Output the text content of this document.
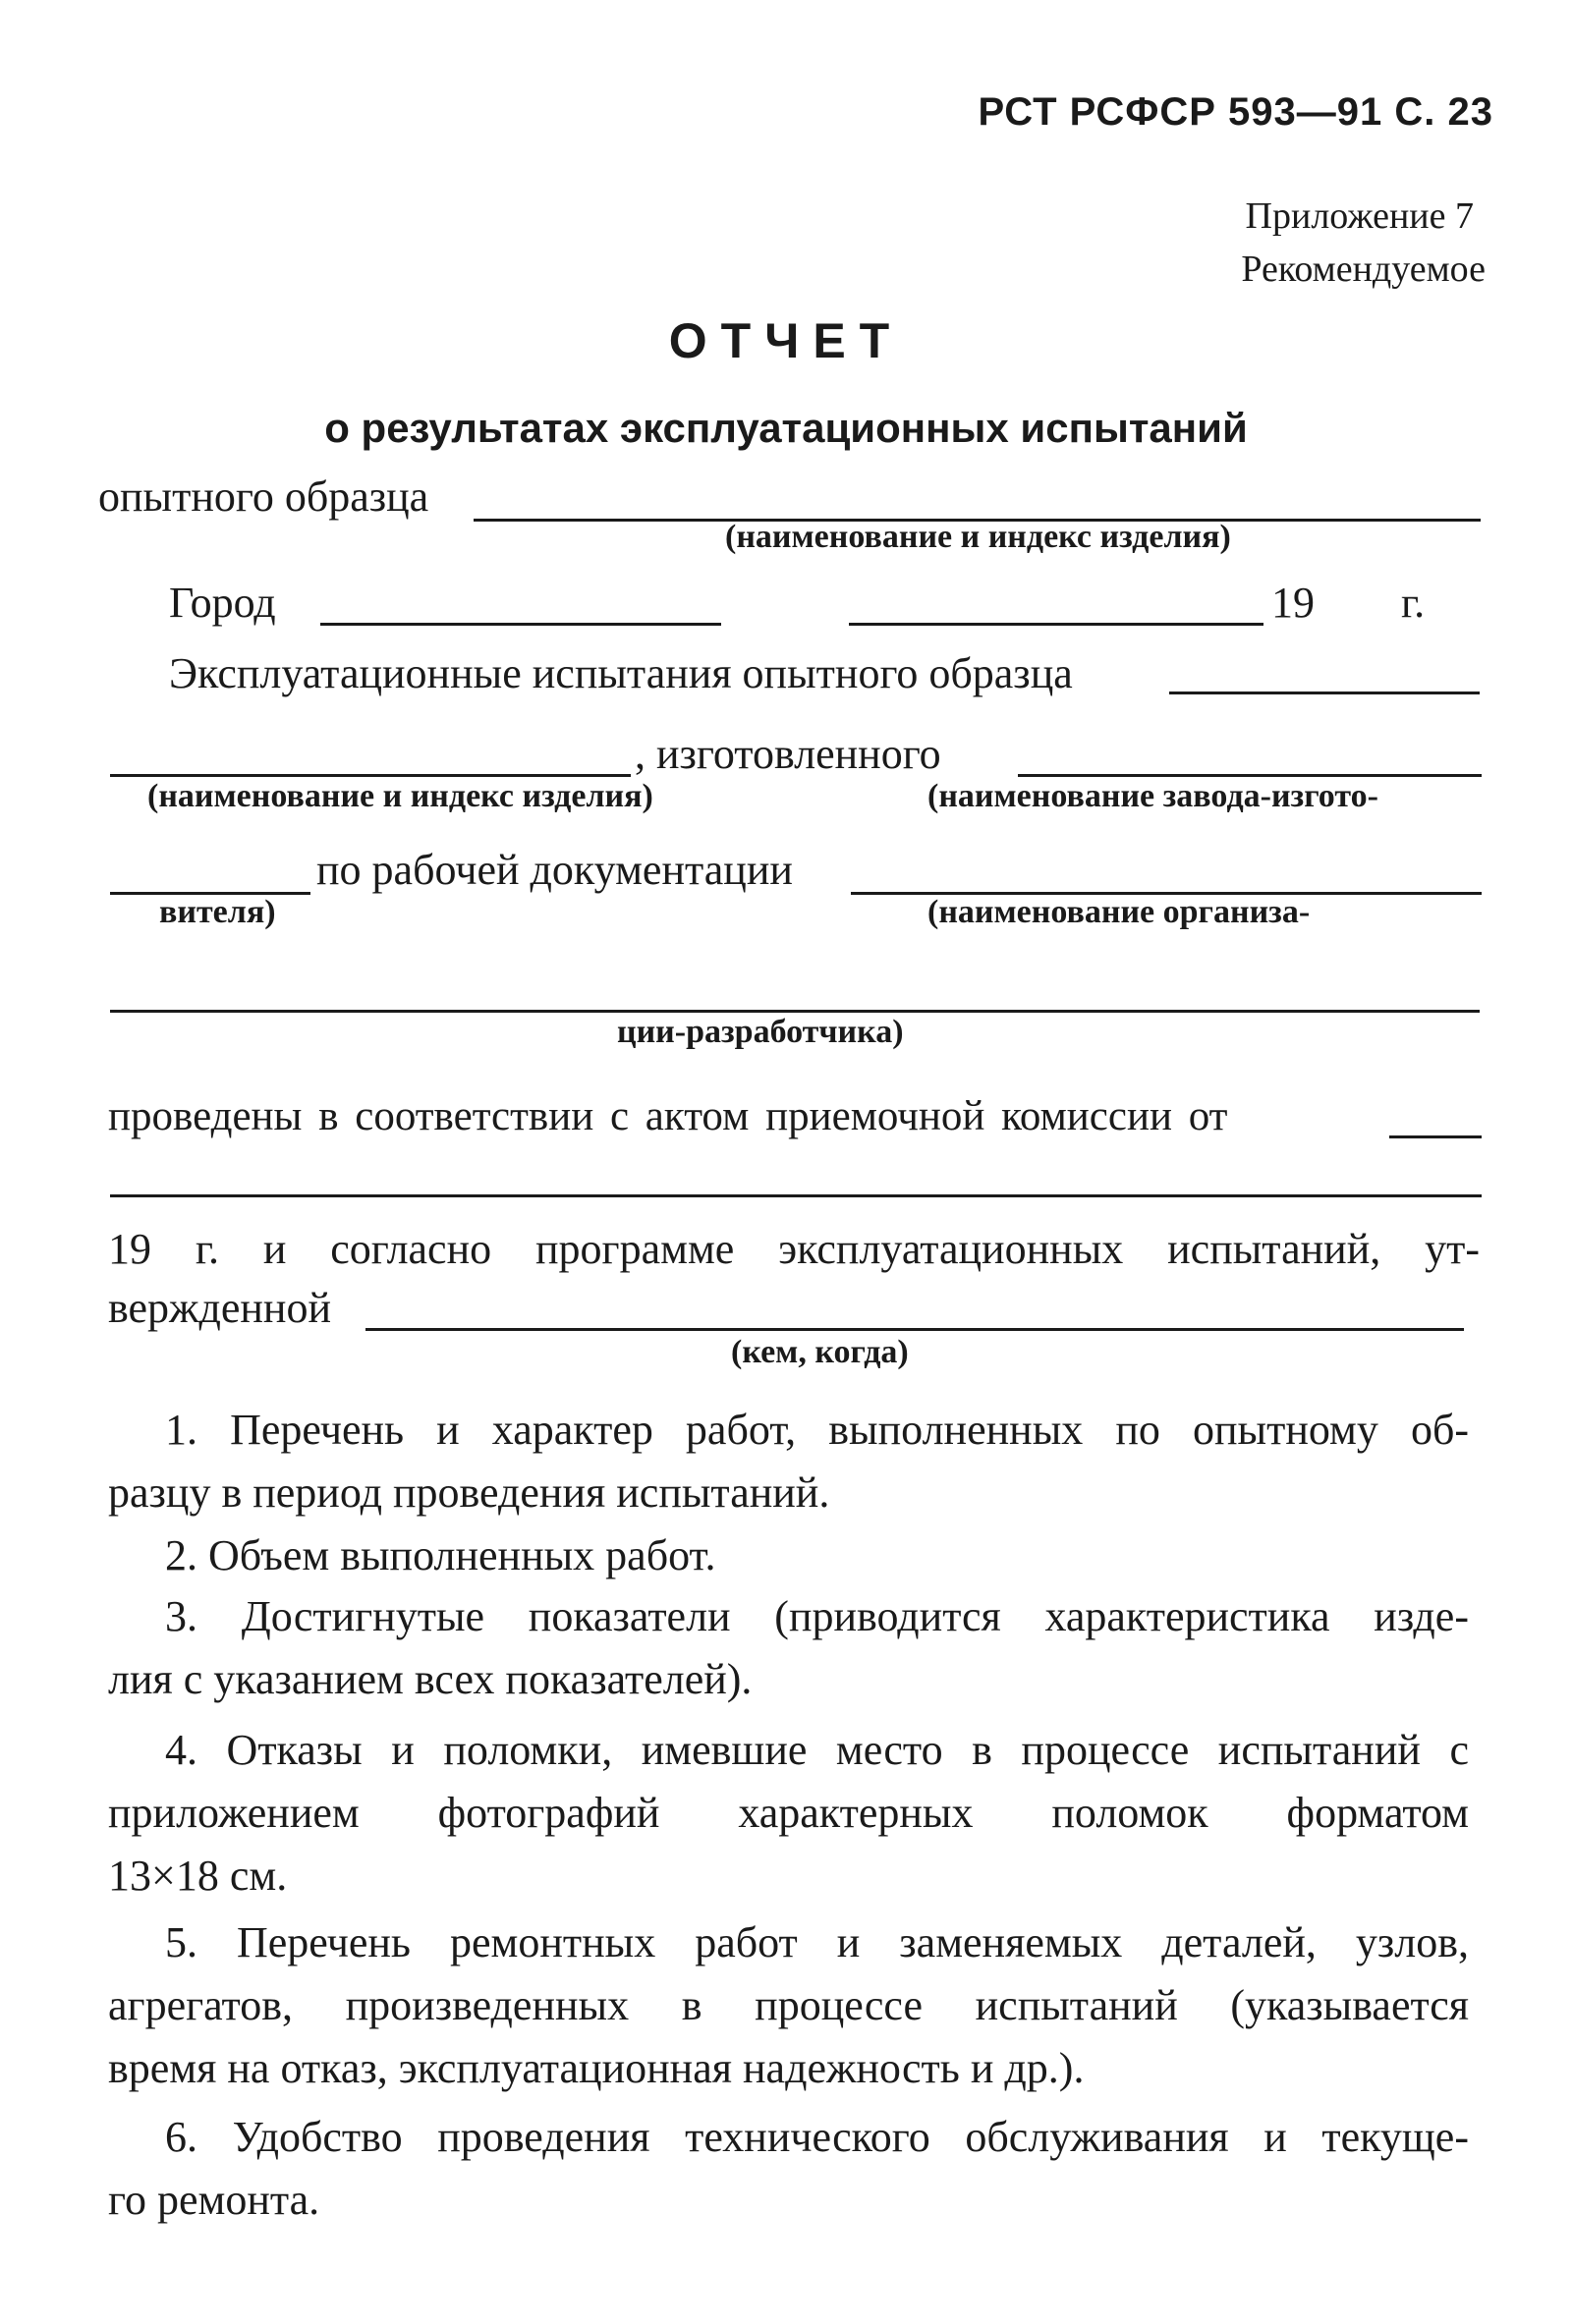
РСТ РСФСР 593—91 С. 23
Приложение 7
Рекомендуемое
ОТЧЕТ
о результатах эксплуатационных испытаний
опытного образца
(наименование и индекс изделия)
Город	19 г.
Эксплуатационные испытания опытного образца
, изготовленного
(наименование и индекс изделия)	(наименование завода-изгото-
по рабочей документации
вителя)	(наименование организа-
ции-разработчика)
проведены в соответствии с актом приемочной комиссии от
19 г. и согласно программе эксплуатационных испытаний, ут-
вержденной
(кем, когда)
1. Перечень и характер работ, выполненных по опытному об-
разцу в период проведения испытаний.
2. Объем выполненных работ.
3. Достигнутые показатели (приводится характеристика изде-
лия с указанием всех показателей).
4. Отказы и поломки, имевшие место в процессе испытаний с
приложением фотографий характерных поломок форматом
13×18 см.
5. Перечень ремонтных работ и заменяемых деталей, узлов,
агрегатов, произведенных в процессе испытаний (указывается
время на отказ, эксплуатационная надежность и др.).
6. Удобство проведения технического обслуживания и текуще-
го ремонта.
